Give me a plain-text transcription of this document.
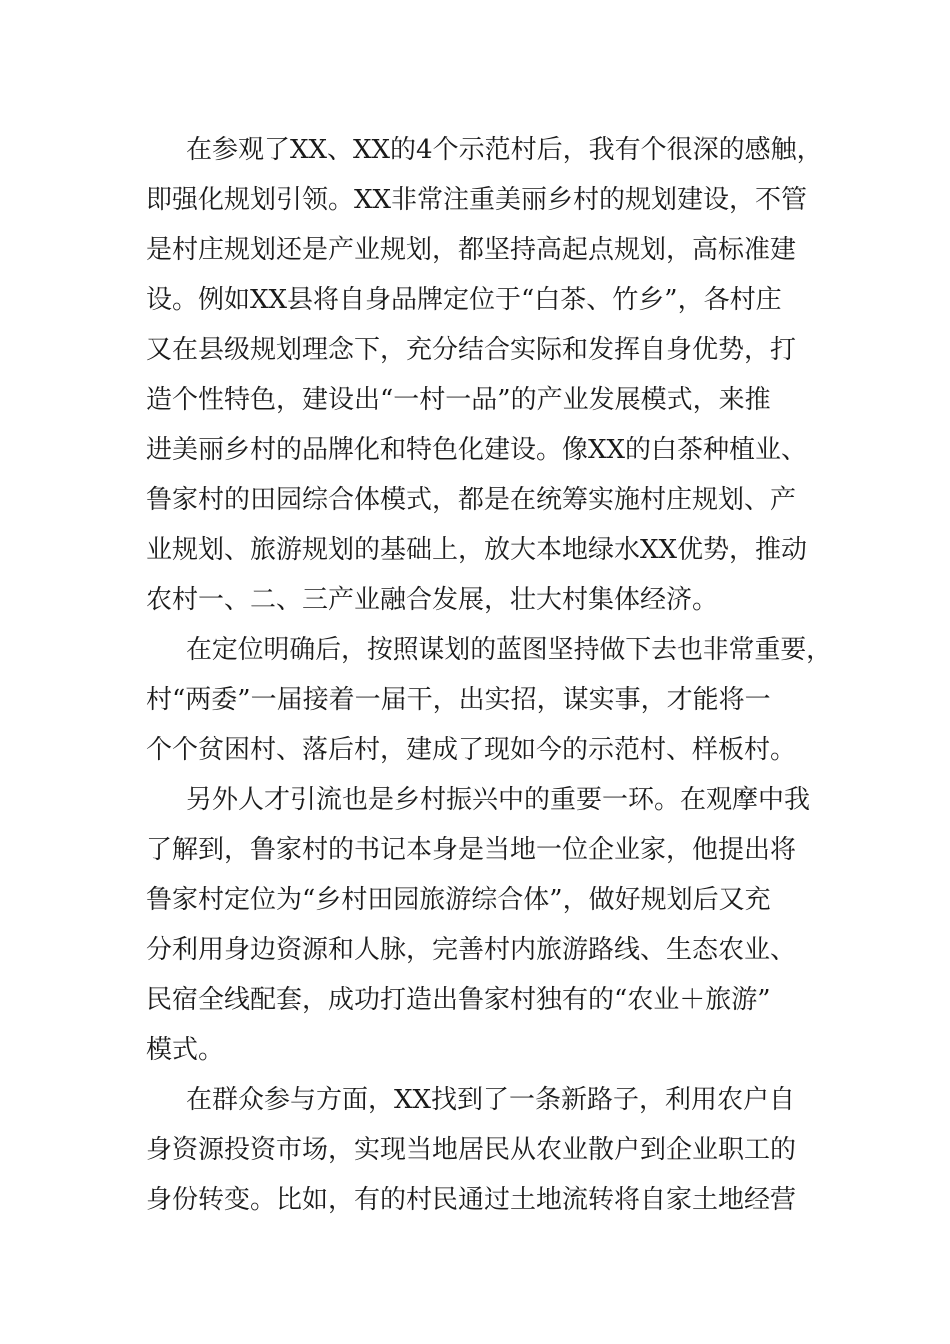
在参观了XX、XX的4个示范村后，我有个很深的感触，

即强化规划引领。XX非常注重美丽乡村的规划建设，不管

是村庄规划还是产业规划，都坚持高起点规划，高标准建

设。例如XX县将自身品牌定位于“白茶、竹乡”，各村庄

又在县级规划理念下，充分结合实际和发挥自身优势，打

造个性特色，建设出“一村一品”的产业发展模式，来推

进美丽乡村的品牌化和特色化建设。像XX的白茶种植业、

鲁家村的田园综合体模式，都是在统筹实施村庄规划、产

业规划、旅游规划的基础上，放大本地绿水XX优势，推动

农村一、二、三产业融合发展，壮大村集体经济。

在定位明确后，按照谋划的蓝图坚持做下去也非常重要，

村“两委”一届接着一届干，出实招，谋实事，才能将一

个个贫困村、落后村，建成了现如今的示范村、样板村。

另外人才引流也是乡村振兴中的重要一环。在观摩中我

了解到，鲁家村的书记本身是当地一位企业家，他提出将

鲁家村定位为“乡村田园旅游综合体”，做好规划后又充

分利用身边资源和人脉，完善村内旅游路线、生态农业、

民宿全线配套，成功打造出鲁家村独有的“农业＋旅游”

模式。

在群众参与方面，XX找到了一条新路子，利用农户自

身资源投资市场，实现当地居民从农业散户到企业职工的

身份转变。比如，有的村民通过土地流转将自家土地经营
